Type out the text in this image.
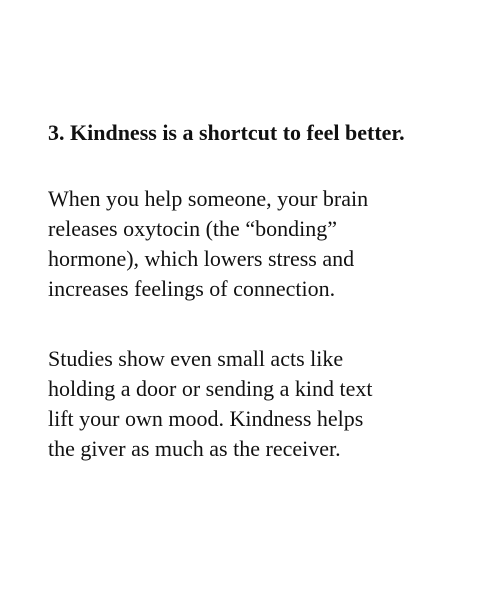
3. Kindness is a shortcut to feel better.

When you help someone, your brain
releases oxytocin (the “bonding”
hormone), which lowers stress and
increases feelings of connection.

Studies show even small acts like
holding a door or sending a kind text
lift your own mood. Kindness helps
the giver as much as the receiver.
